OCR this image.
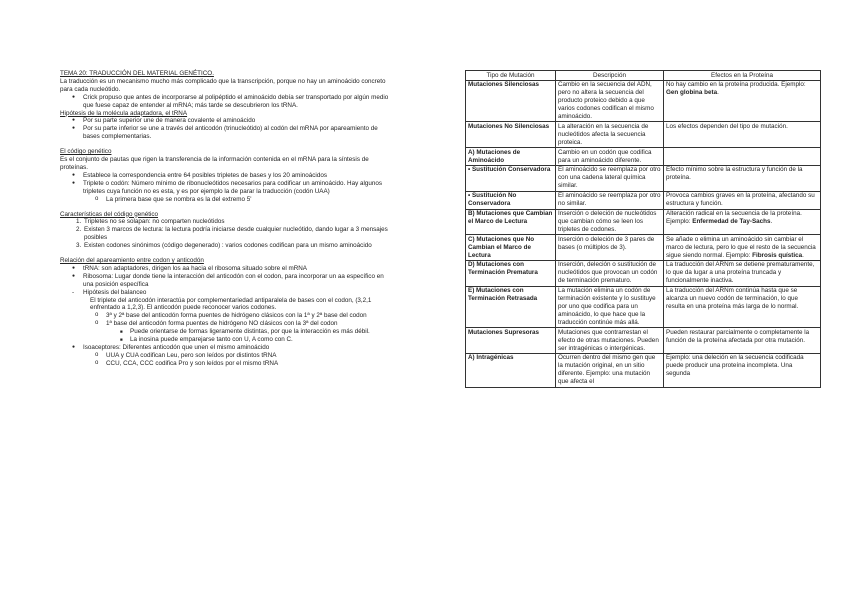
TEMA 20: TRADUCCIÓN DEL MATERIAL GENÉTICO.

La traducción es un mecanismo mucho más complicado que la transcripción, porque no hay un aminoácido concreto para cada nucleótido.

● Crick propuso que antes de incorporarse al polipéptido el aminoácido debía ser transportado por algún medio que fuese capaz de entender al mRNA; más tarde se descubrieron los tRNA.

Hipótesis de la molécula adaptadora, el tRNA

● Por su parte superior une de manera covalente el aminoácido
● Por su parte inferior se une a través del anticodón (trinucleótido) al codón del mRNA por apareamiento de bases complementarias.

El código genético

Es el conjunto de pautas que rigen la transferencia de la información contenida en el mRNA para la síntesis de proteínas.

● Establece la correspondencia entre 64 posibles tripletes de bases y los 20 aminoácidos
● Triplete o codón: Número mínimo de ribonucleótidos necesarios para codificar un aminoácido. Hay algunos tripletes cuya función no es esta, y es por ejemplo la de parar la traducción (codón UAA)
o La primera base que se nombra es la del extremo 5'

Características del código genético

1. Tripletes no se solapan: no comparten nucleótidos
2. Existen 3 marcos de lectura: la lectura podría iniciarse desde cualquier nucleótido, dando lugar a 3 mensajes posibles
3. Existen codones sinónimos (código degenerado) : varios codones codifican para un mismo aminoácido

Relación del apareamiento entre codon y anticodón

● tRNA: son adaptadores, dirigen los aa hacia el ribosoma situado sobre el mRNA
● Ribosoma: Lugar donde tiene la interacción del anticodón con el codon, para incorporar un aa específico en una posición específica
- Hipótesis del balanceo

El triplete del anticodón interactúa por complementariedad antiparalela de bases con el codon, (3,2,1 enfrentado a 1,2,3). El anticodón puede reconocer varios codones.

o 3ª y 2ª base del anticodón forma puentes de hidrógeno clásicos con la 1ª y 2ª base del codon
o 1ª base del anticodón forma puentes de hidrógeno NO clásicos con la 3ª del codon
■ Puede orientarse de formas ligeramente distintas, por que la interacción es más débil.
■ La inosina puede emparejarse tanto con U, A como con C.
● Isoaceptores: Diferentes anticodón que unen el mismo aminoácido
o UUA y CUA codifican Leu, pero son leídos por distintos tRNA
o CCU, CCA, CCC codifica Pro y son leídos por el mismo tRNA
Tipo de Mutación	Descripción	Efectos en la Proteína
Mutaciones Silenciosas	Cambio en la secuencia del ADN, pero no altera la secuencia del producto proteico debido a que varios codones codifican el mismo aminoácido.	No hay cambio en la proteína producida. Ejemplo: Gen globina beta.
Mutaciones No Silenciosas	La alteración en la secuencia de nucleótidos afecta la secuencia proteica.	Los efectos dependen del tipo de mutación.
A) Mutaciones de Aminoácido	Cambio en un codón que codifica para un aminoácido diferente.	
• Sustitución Conservadora	El aminoácido se reemplaza por otro con una cadena lateral química similar.	Efecto mínimo sobre la estructura y función de la proteína.
• Sustitución No Conservadora	El aminoácido se reemplaza por otro no similar.	Provoca cambios graves en la proteína, afectando su estructura y función.
B) Mutaciones que Cambian el Marco de Lectura	Inserción o deleción de nucleótidos que cambian cómo se leen los tripletes de codones.	Alteración radical en la secuencia de la proteína. Ejemplo: Enfermedad de Tay-Sachs.
C) Mutaciones que No Cambian el Marco de Lectura	Inserción o deleción de 3 pares de bases (o múltiplos de 3).	Se añade o elimina un aminoácido sin cambiar el marco de lectura, pero lo que el resto de la secuencia sigue siendo normal. Ejemplo: Fibrosis quística.
D) Mutaciones con Terminación Prematura	Inserción, deleción o sustitución de nucleótidos que provocan un codón de terminación prematuro.	La traducción del ARNm se detiene prematuramente, lo que da lugar a una proteína truncada y funcionalmente inactiva.
E) Mutaciones con Terminación Retrasada	La mutación elimina un codón de terminación existente y lo sustituye por uno que codifica para un aminoácido, lo que hace que la traducción continúe más allá.	La traducción del ARNm continúa hasta que se alcanza un nuevo codón de terminación, lo que resulta en una proteína más larga de lo normal.
Mutaciones Supresoras	Mutaciones que contrarrestan el efecto de otras mutaciones. Pueden ser intragénicas o intergénicas.	Pueden restaurar parcialmente o completamente la función de la proteína afectada por otra mutación.
A) Intragénicas	Ocurren dentro del mismo gen que la mutación original, en un sitio diferente. Ejemplo: una mutación que afecta el	Ejemplo: una deleción en la secuencia codificada puede producir una proteína incompleta. Una segunda
